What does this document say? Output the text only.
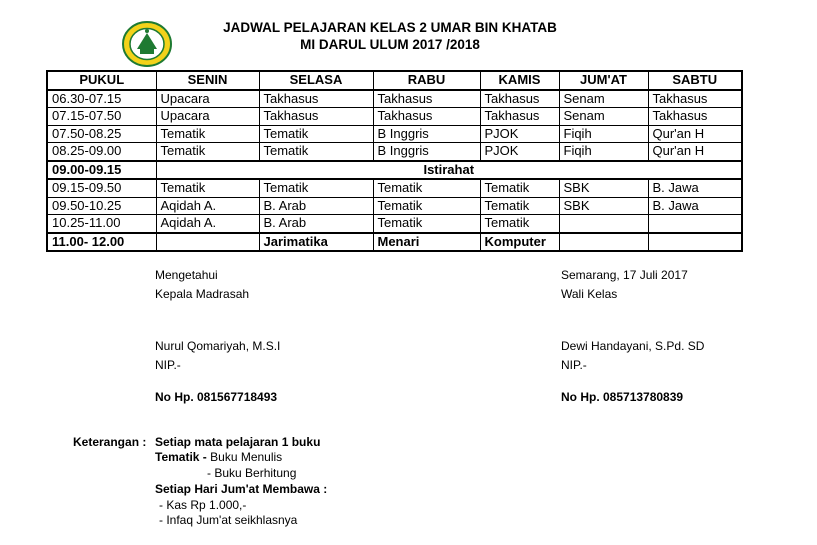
JADWAL PELAJARAN KELAS 2 UMAR BIN KHATAB
MI DARUL ULUM 2017 /2018
PUKUL	SENIN	SELASA	RABU	KAMIS	JUM'AT	SABTU
06.30-07.15	Upacara	Takhasus	Takhasus	Takhasus	Senam	Takhasus
07.15-07.50	Upacara	Takhasus	Takhasus	Takhasus	Senam	Takhasus
07.50-08.25	Tematik	Tematik	B Inggris	PJOK	Fiqih	Qur'an H
08.25-09.00	Tematik	Tematik	B Inggris	PJOK	Fiqih	Qur'an H
09.00-09.15	Istirahat					
09.15-09.50	Tematik	Tematik	Tematik	Tematik	SBK	B. Jawa
09.50-10.25	Aqidah A.	B. Arab	Tematik	Tematik	SBK	B. Jawa
10.25-11.00	Aqidah A.	B. Arab	Tematik	Tematik		
11.00- 12.00		Jarimatika	Menari	Komputer		
Mengetahui
Kepala Madrasah
Nurul Qomariyah, M.S.I
NIP.-
No Hp. 081567718493
Semarang, 17 Juli 2017
Wali Kelas
Dewi Handayani, S.Pd. SD
NIP.-
No Hp. 085713780839
Keterangan : Setiap mata pelajaran 1 buku
Tematik - Buku Menulis
- Buku Berhitung
Setiap Hari Jum'at Membawa :
- Kas Rp 1.000,-
- Infaq Jum'at seikhlasnya
